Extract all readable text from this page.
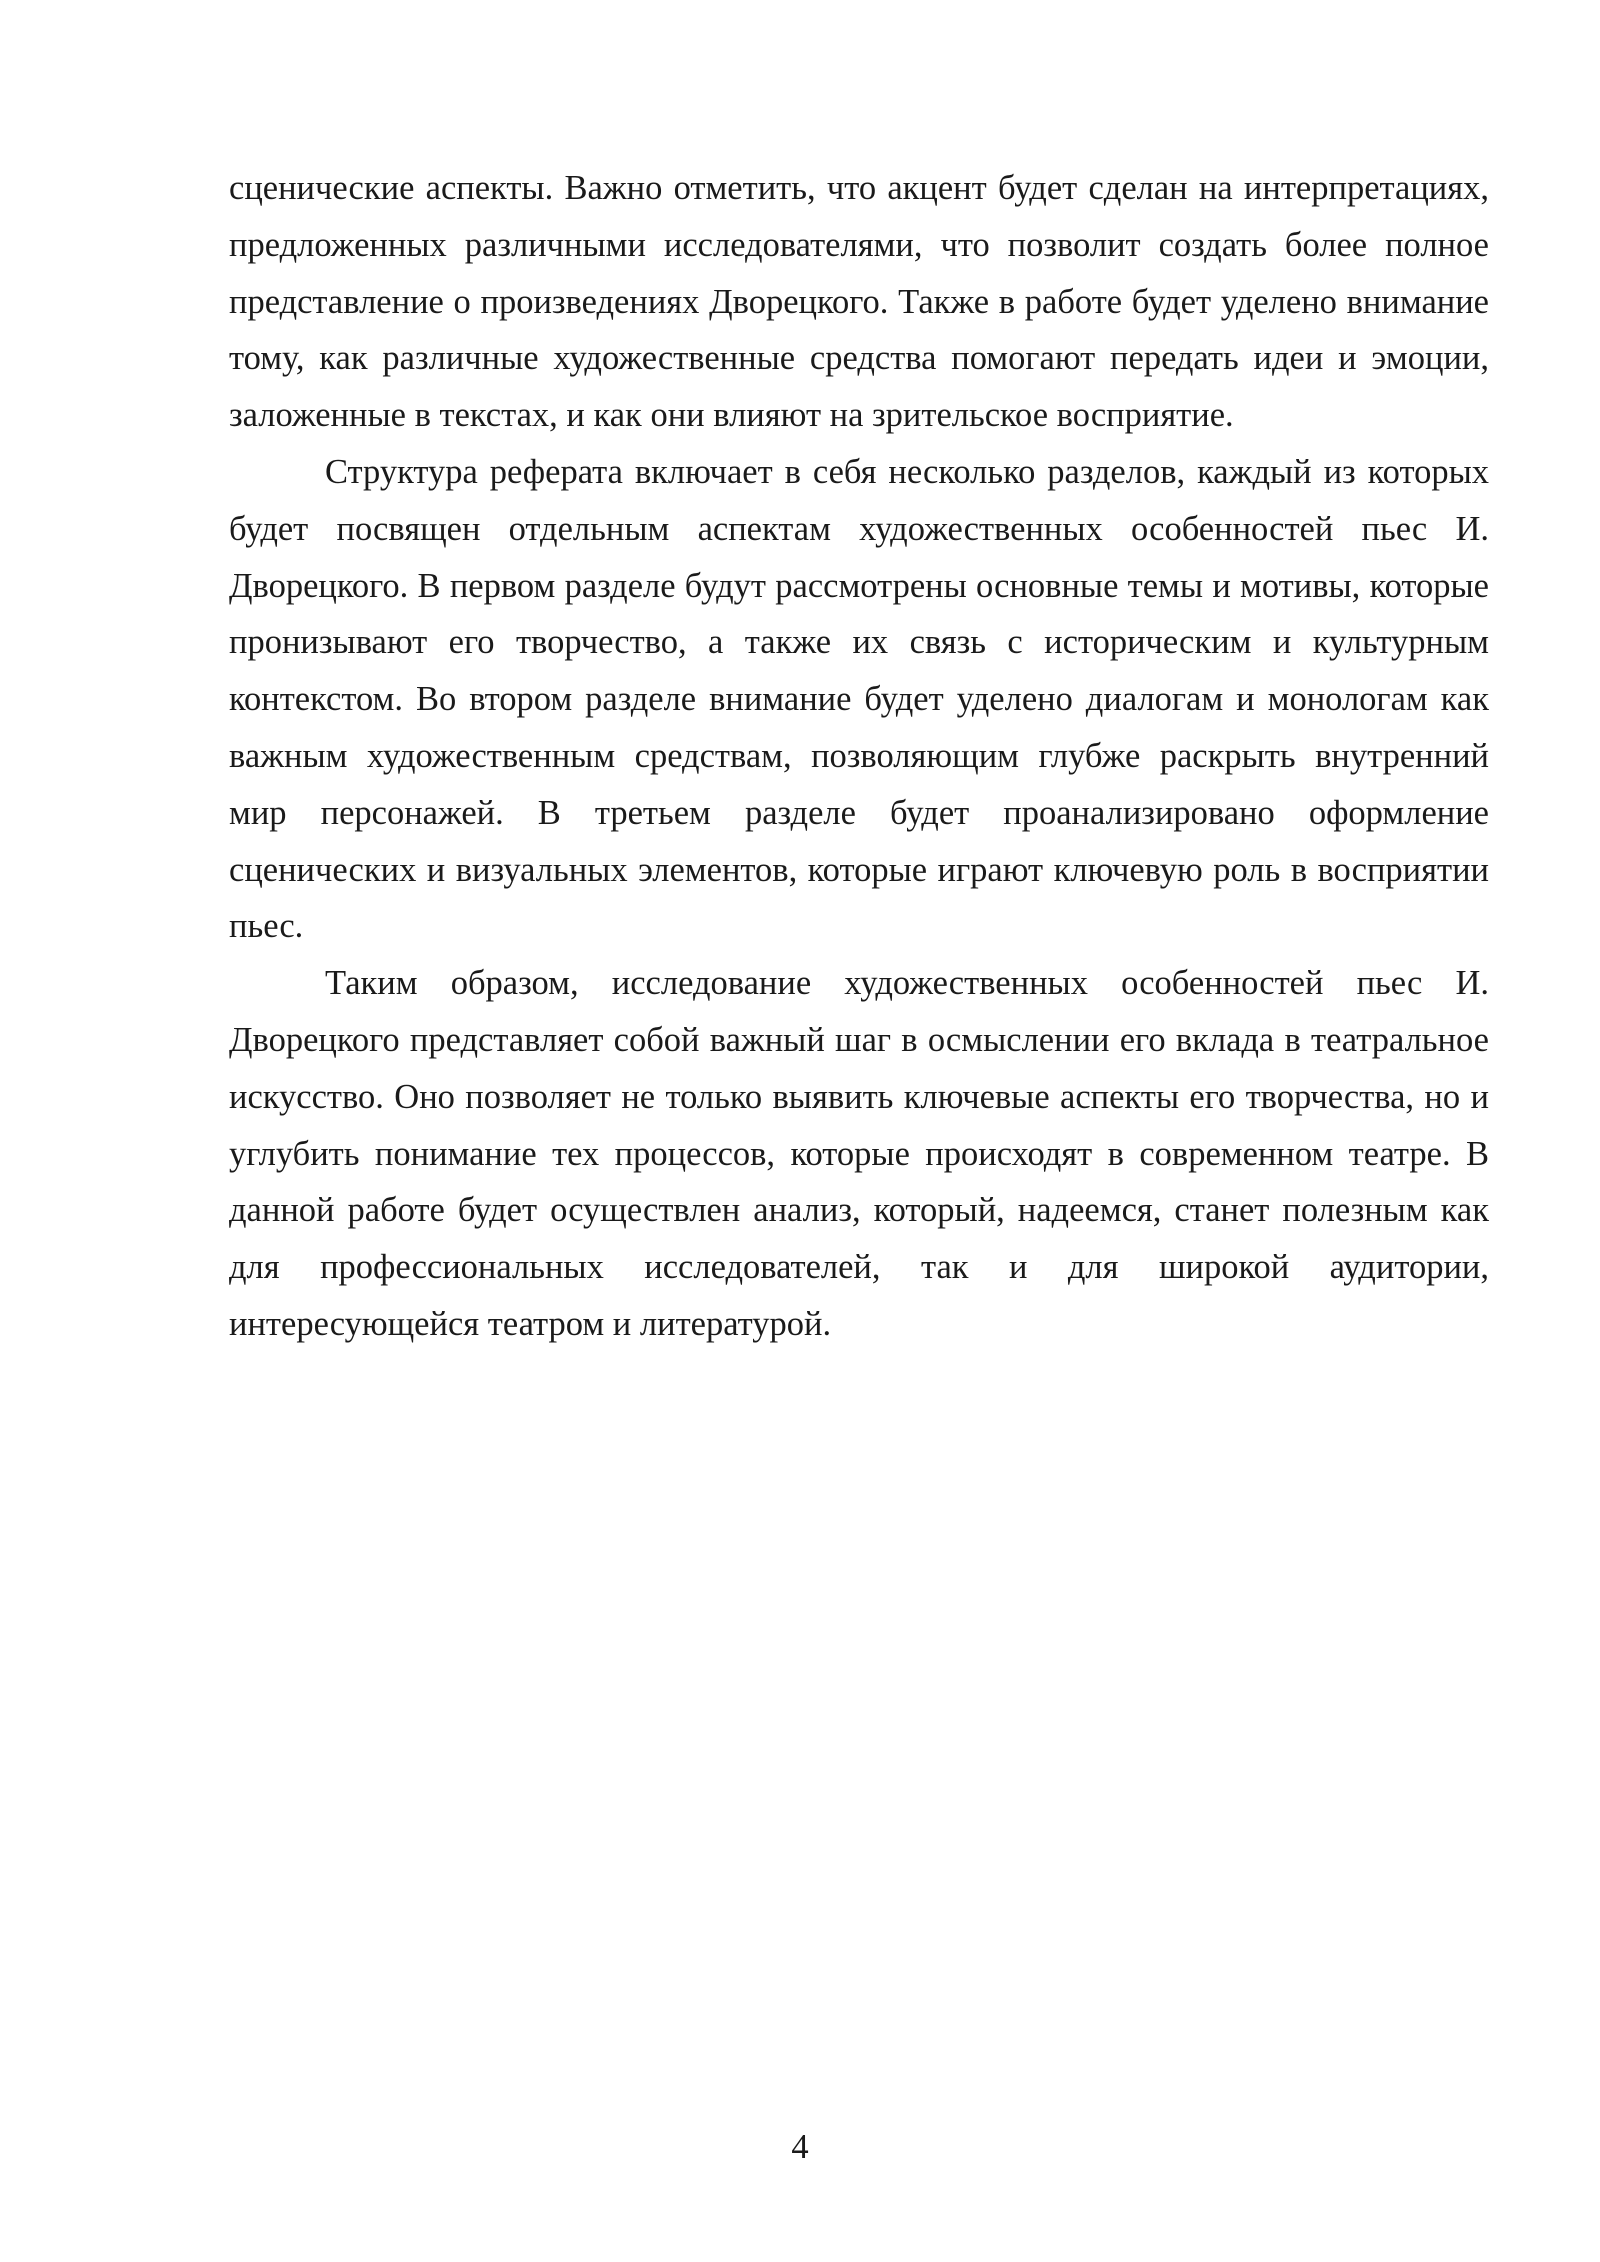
сценические аспекты. Важно отметить, что акцент будет сделан на интерпретациях, предложенных различными исследователями, что позволит создать более полное представление о произведениях Дворецкого. Также в работе будет уделено внимание тому, как различные художественные средства помогают передать идеи и эмоции, заложенные в текстах, и как они влияют на зрительское восприятие.

Структура реферата включает в себя несколько разделов, каждый из которых будет посвящен отдельным аспектам художественных особенностей пьес И. Дворецкого. В первом разделе будут рассмотрены основные темы и мотивы, которые пронизывают его творчество, а также их связь с историческим и культурным контекстом. Во втором разделе внимание будет уделено диалогам и монологам как важным художественным средствам, позволяющим глубже раскрыть внутренний мир персонажей. В третьем разделе будет проанализировано оформление сценических и визуальных элементов, которые играют ключевую роль в восприятии пьес.

Таким образом, исследование художественных особенностей пьес И. Дворецкого представляет собой важный шаг в осмыслении его вклада в театральное искусство. Оно позволяет не только выявить ключевые аспекты его творчества, но и углубить понимание тех процессов, которые происходят в современном театре. В данной работе будет осуществлен анализ, который, надеемся, станет полезным как для профессиональных исследователей, так и для широкой аудитории, интересующейся театром и литературой.

4
